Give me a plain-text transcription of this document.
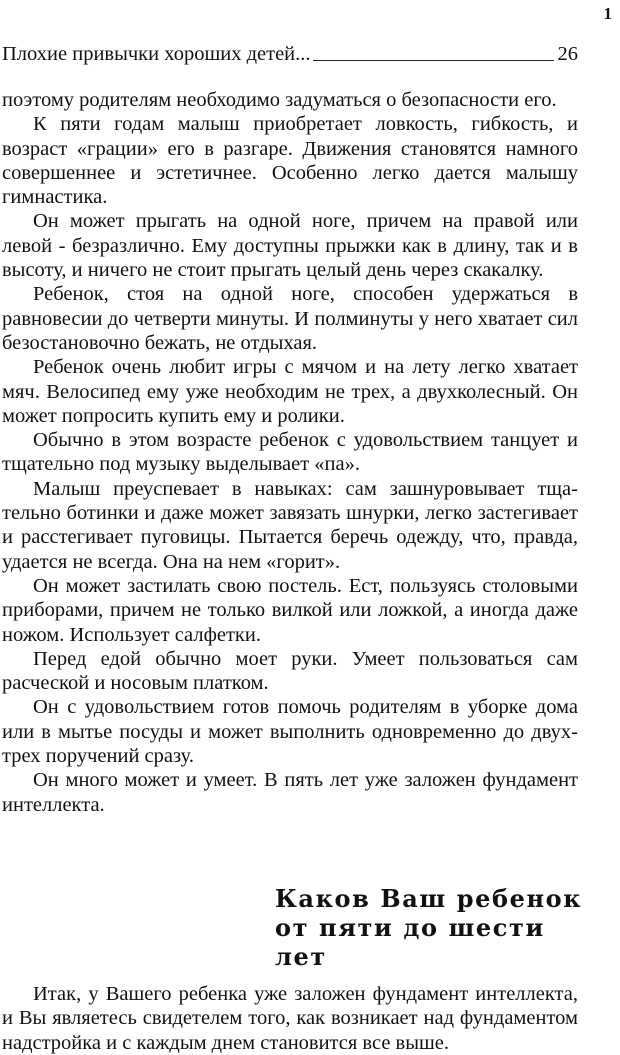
1
Плохие привычки хороших детей...	26

поэтому родителям необходимо задуматься о безопасности его.

К пяти годам малыш приобретает ловкость, гибкость, и возраст «грации» его в разгаре. Движения становятся намного совершеннее и эстетичнее. Особенно легко дается малышу гимнастика.

Он может прыгать на одной ноге, причем на правой или левой - безразлично. Ему доступны прыжки как в длину, так и в высоту, и ничего не стоит прыгать целый день через скакалку.

Ребенок, стоя на одной ноге, способен удержаться в равновесии до четверти минуты. И полминуты у него хватает сил безостановочно бежать, не отдыхая.

Ребенок очень любит игры с мячом и на лету легко хватает мяч. Велосипед ему уже необходим не трех, а двухколесный. Он может попросить купить ему и ролики.

Обычно в этом возрасте ребенок с удовольствием танцует и тщательно под музыку выделывает «па».

Малыш преуспевает в навыках: сам зашнуровывает тщательно ботинки и даже может завязать шнурки, легко застегивает и расстегивает пуговицы. Пытается беречь одежду, что, правда, удается не всегда. Она на нем «горит».

Он может застилать свою постель. Ест, пользуясь столовыми приборами, причем не только вилкой или ложкой, а иногда даже ножом. Использует салфетки.

Перед едой обычно моет руки. Умеет пользоваться сам расческой и носовым платком.

Он с удовольствием готов помочь родителям в уборке дома или в мытье посуды и может выполнить одновременно до двух-трех поручений сразу.

Он много может и умеет. В пять лет уже заложен фундамент интеллекта.

Каков Ваш ребенок от пяти до шести лет

Итак, у Вашего ребенка уже заложен фундамент интеллекта, и Вы являетесь свидетелем того, как возникает над фундаментом надстройка и с каждым днем становится все выше.
